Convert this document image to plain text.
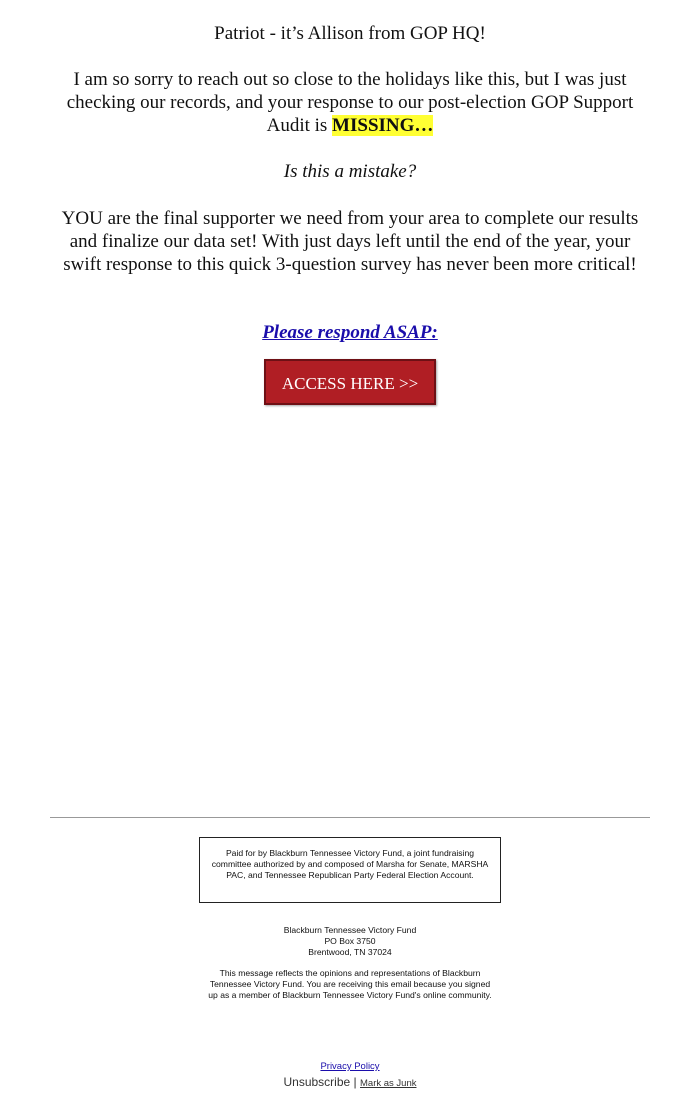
Patriot - it’s Allison from GOP HQ!

I am so sorry to reach out so close to the holidays like this, but I was just checking our records, and your response to our post-election GOP Support Audit is MISSING…

Is this a mistake?

YOU are the final supporter we need from your area to complete our results and finalize our data set! With just days left until the end of the year, your swift response to this quick 3-question survey has never been more critical!

Please respond ASAP:

ACCESS HERE >>
Paid for by Blackburn Tennessee Victory Fund, a joint fundraising committee authorized by and composed of Marsha for Senate, MARSHA PAC, and Tennessee Republican Party Federal Election Account.
Blackburn Tennessee Victory Fund
PO Box 3750
Brentwood, TN 37024
This message reflects the opinions and representations of Blackburn Tennessee Victory Fund. You are receiving this email because you signed up as a member of Blackburn Tennessee Victory Fund's online community.
Privacy Policy
Unsubscribe | Mark as Junk
